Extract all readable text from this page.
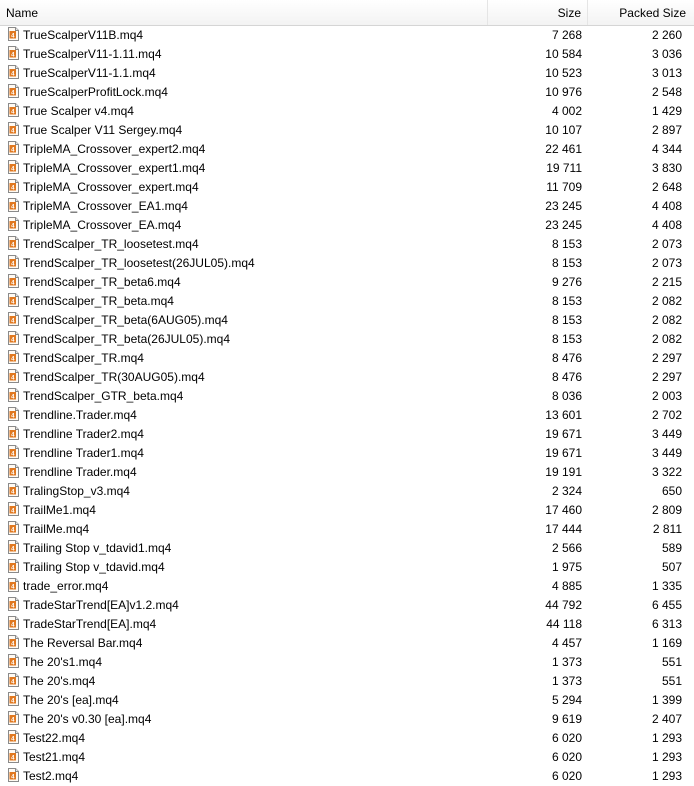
Name	Size	Packed Size
TrueScalperV11B.mq4	7 268	2 260
TrueScalperV11-1.11.mq4	10 584	3 036
TrueScalperV11-1.1.mq4	10 523	3 013
TrueScalperProfitLock.mq4	10 976	2 548
True Scalper v4.mq4	4 002	1 429
True Scalper V11 Sergey.mq4	10 107	2 897
TripleMA_Crossover_expert2.mq4	22 461	4 344
TripleMA_Crossover_expert1.mq4	19 711	3 830
TripleMA_Crossover_expert.mq4	11 709	2 648
TripleMA_Crossover_EA1.mq4	23 245	4 408
TripleMA_Crossover_EA.mq4	23 245	4 408
TrendScalper_TR_loosetest.mq4	8 153	2 073
TrendScalper_TR_loosetest(26JUL05).mq4	8 153	2 073
TrendScalper_TR_beta6.mq4	9 276	2 215
TrendScalper_TR_beta.mq4	8 153	2 082
TrendScalper_TR_beta(6AUG05).mq4	8 153	2 082
TrendScalper_TR_beta(26JUL05).mq4	8 153	2 082
TrendScalper_TR.mq4	8 476	2 297
TrendScalper_TR(30AUG05).mq4	8 476	2 297
TrendScalper_GTR_beta.mq4	8 036	2 003
Trendline.Trader.mq4	13 601	2 702
Trendline Trader2.mq4	19 671	3 449
Trendline Trader1.mq4	19 671	3 449
Trendline Trader.mq4	19 191	3 322
TralingStop_v3.mq4	2 324	650
TrailMe1.mq4	17 460	2 809
TrailMe.mq4	17 444	2 811
Trailing Stop v_tdavid1.mq4	2 566	589
Trailing Stop v_tdavid.mq4	1 975	507
trade_error.mq4	4 885	1 335
TradeStarTrend[EA]v1.2.mq4	44 792	6 455
TradeStarTrend[EA].mq4	44 118	6 313
The Reversal Bar.mq4	4 457	1 169
The 20's1.mq4	1 373	551
The 20's.mq4	1 373	551
The 20's [ea].mq4	5 294	1 399
The 20's v0.30 [ea].mq4	9 619	2 407
Test22.mq4	6 020	1 293
Test21.mq4	6 020	1 293
Test2.mq4	6 020	1 293
